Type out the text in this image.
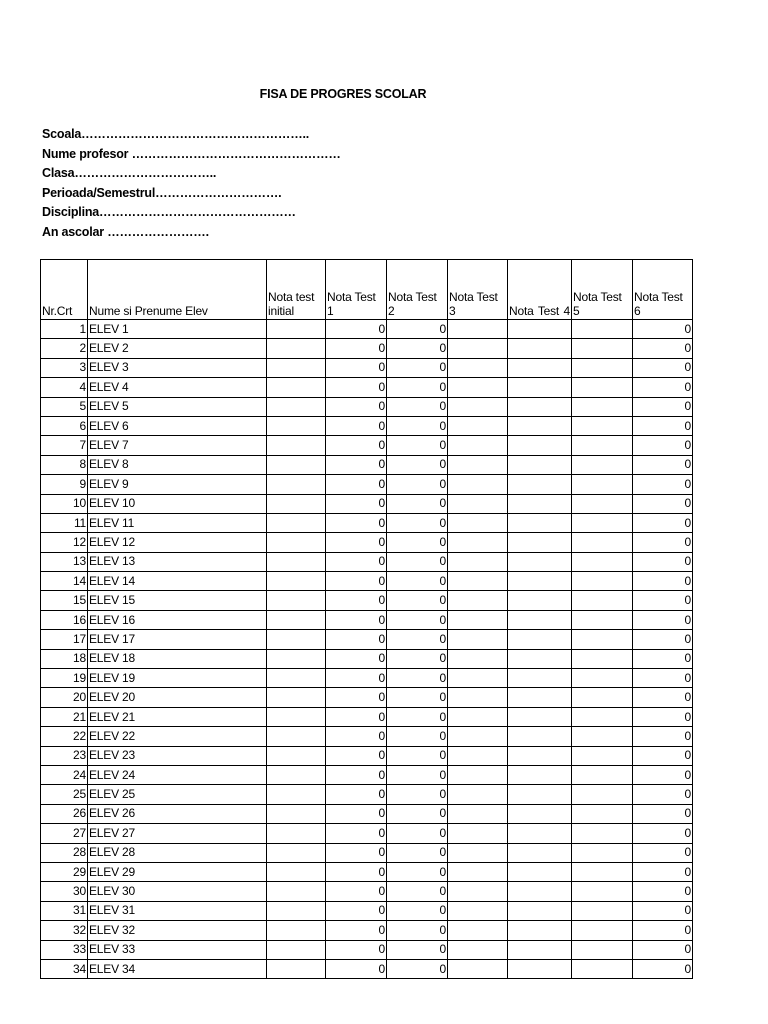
FISA DE PROGRES SCOLAR
Scoala………………………………………………..
Nume profesor ……………………………………………
Clasa……………………………..
Perioada/Semestrul………………………….
Disciplina…………………………………………
An ascolar …………………….
Nr.Crt	Nume si Prenume Elev	Nota test initial	Nota Test 1	Nota Test 2	Nota Test 3	Nota Test 4	Nota Test 5	Nota Test 6
1	ELEV 1		0	0				0
2	ELEV 2		0	0				0
3	ELEV 3		0	0				0
4	ELEV 4		0	0				0
5	ELEV 5		0	0				0
6	ELEV 6		0	0				0
7	ELEV 7		0	0				0
8	ELEV 8		0	0				0
9	ELEV 9		0	0				0
10	ELEV 10		0	0				0
11	ELEV 11		0	0				0
12	ELEV 12		0	0				0
13	ELEV 13		0	0				0
14	ELEV 14		0	0				0
15	ELEV 15		0	0				0
16	ELEV 16		0	0				0
17	ELEV 17		0	0				0
18	ELEV 18		0	0				0
19	ELEV 19		0	0				0
20	ELEV 20		0	0				0
21	ELEV 21		0	0				0
22	ELEV 22		0	0				0
23	ELEV 23		0	0				0
24	ELEV 24		0	0				0
25	ELEV 25		0	0				0
26	ELEV 26		0	0				0
27	ELEV 27		0	0				0
28	ELEV 28		0	0				0
29	ELEV 29		0	0				0
30	ELEV 30		0	0				0
31	ELEV 31		0	0				0
32	ELEV 32		0	0				0
33	ELEV 33		0	0				0
34	ELEV 34		0	0				0
